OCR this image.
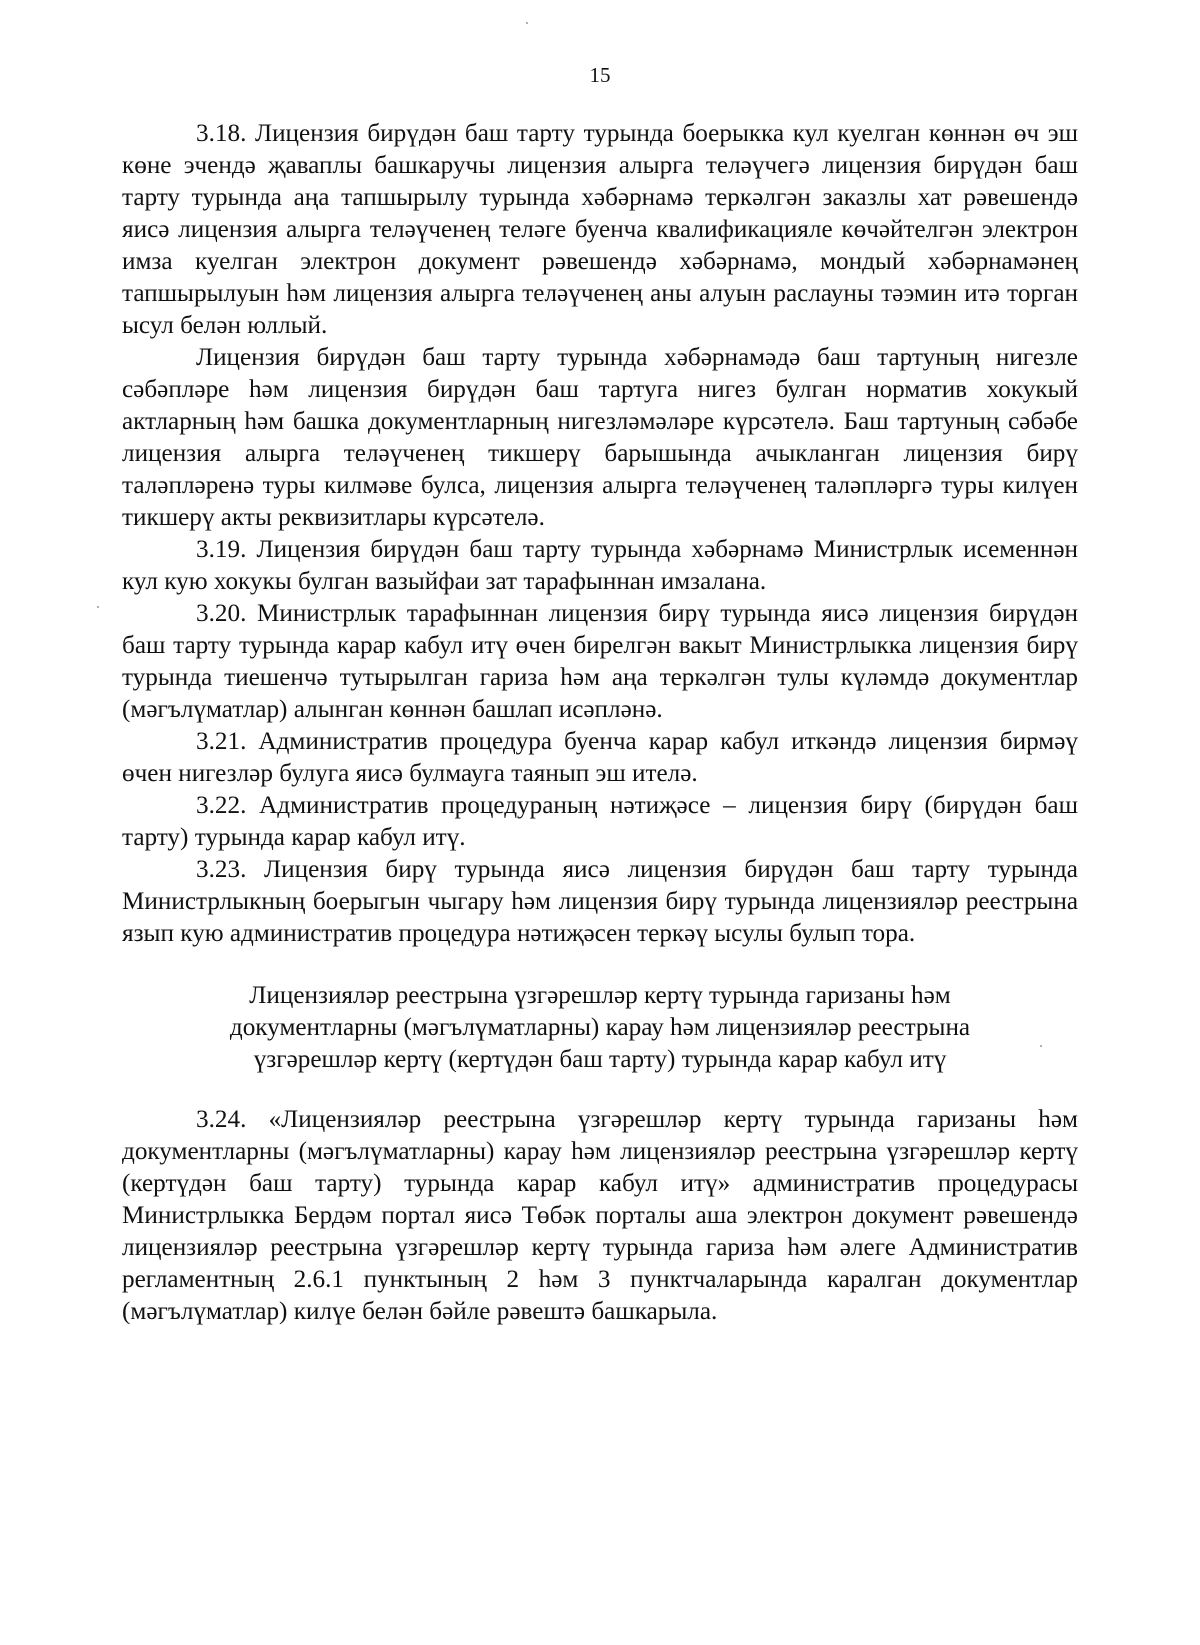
15

3.18. Лицензия бирүдән баш тарту турында боерыкка кул куелган көннән өч эш көне эчендә җаваплы башкаручы лицензия алырга теләүчегә лицензия бирүдән баш тарту турында аңа тапшырылу турында хәбәрнамә теркәлгән заказлы хат рәвешендә яисә лицензия алырга теләүченең теләге буенча квалификацияле көчәйтелгән электрон имза куелган электрон документ рәвешендә хәбәрнамә, мондый хәбәрнамәнең тапшырылуын һәм лицензия алырга теләүченең аны алуын раслауны тәэмин итә торган ысул белән юллый.

Лицензия бирүдән баш тарту турында хәбәрнамәдә баш тартуның нигезле сәбәпләре һәм лицензия бирүдән баш тартуга нигез булган норматив хокукый актларның һәм башка документларның нигезләмәләре күрсәтелә. Баш тартуның сәбәбе лицензия алырга теләүченең тикшерү барышында ачыкланган лицензия бирү таләпләренә туры килмәве булса, лицензия алырга теләүченең таләпләргә туры килүен тикшерү акты реквизитлары күрсәтелә.

3.19. Лицензия бирүдән баш тарту турында хәбәрнамә Министрлык исеменнән кул кую хокукы булган вазыйфаи зат тарафыннан имзалана.

3.20. Министрлык тарафыннан лицензия бирү турында яисә лицензия бирүдән баш тарту турында карар кабул итү өчен бирелгән вакыт Министрлыкка лицензия бирү турында тиешенчә тутырылган гариза һәм аңа теркәлгән тулы күләмдә документлар (мәгълүматлар) алынган көннән башлап исәпләнә.

3.21. Административ процедура буенча карар кабул иткәндә лицензия бирмәү өчен нигезләр булуга яисә булмауга таянып эш ителә.

3.22. Административ процедураның нәтиҗәсе – лицензия бирү (бирүдән баш тарту) турында карар кабул итү.

3.23. Лицензия бирү турында яисә лицензия бирүдән баш тарту турында Министрлыкның боерыгын чыгару һәм лицензия бирү турында лицензияләр реестрына язып кую административ процедура нәтиҗәсен теркәү ысулы булып тора.

Лицензияләр реестрына үзгәрешләр кертү турында гаризаны һәм
документларны (мәгълүматларны) карау һәм лицензияләр реестрына
үзгәрешләр кертү (кертүдән баш тарту) турында карар кабул итү

3.24. «Лицензияләр реестрына үзгәрешләр кертү турында гаризаны һәм документларны (мәгълүматларны) карау һәм лицензияләр реестрына үзгәрешләр кертү (кертүдән баш тарту) турында карар кабул итү» административ процедурасы Министрлыкка Бердәм портал яисә Төбәк порталы аша электрон документ рәвешендә лицензияләр реестрына үзгәрешләр кертү турында гариза һәм әлеге Административ регламентның 2.6.1 пунктының 2 һәм 3 пунктчаларында каралган документлар (мәгълүматлар) килүе белән бәйле рәвештә башкарыла.
